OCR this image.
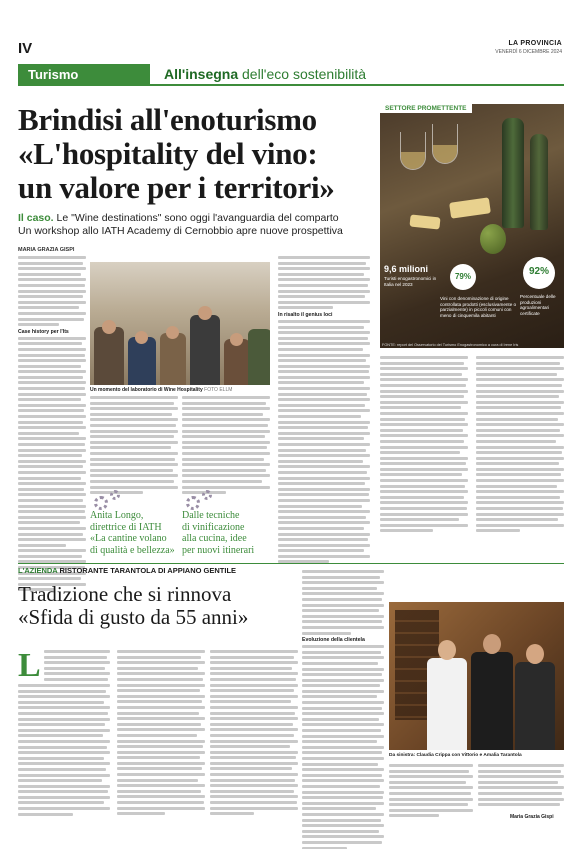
IV	LA PROVINCIA
VENERDÌ 6 DICEMBRE 2024
Turismo	All'insegna dell'eco sostenibilità
Brindisi all'enoturismo
«L'hospitality del vino:
un valore per i territori»
Il caso. Le "Wine destinations" sono oggi l'avanguardia del comparto
Un workshop allo IATH Academy di Cernobbio apre nuove prospettiva
MARIA GRAZIA GISPI
SETTORE PROMETTENTE
92%
Percentuale delle produzioni agroalimentari certificate
79%
9,6 milioni
Turisti enogastronomici in Italia nel 2023
Vini con denominazione di origine controllata prodotti (esclusivamente o parzialmente) in piccoli comuni con meno di cinquemila abitanti
FONTE: report del Osservatorio del Turismo Enogastronomico a cura di Irene Iris
Case history per l'Its
Un momento del laboratorio di Wine Hospitality FOTO ELLM
Anita Longo,
direttrice di IATH
«La cantine volano
di qualità e bellezza»
Dalle tecniche
di vinificazione
alla cucina, idee
per nuovi itinerari
In risalto il genius loci
L'AZIENDA RISTORANTE TARANTOLA DI APPIANO GENTILE
Tradizione che si rinnova
«Sfida di gusto da 55 anni»
L
Evoluzione della clientela
Da sinistra: Claudia Crippa con Vittorio e Amalia Tarantola
Maria Grazia Gispi
